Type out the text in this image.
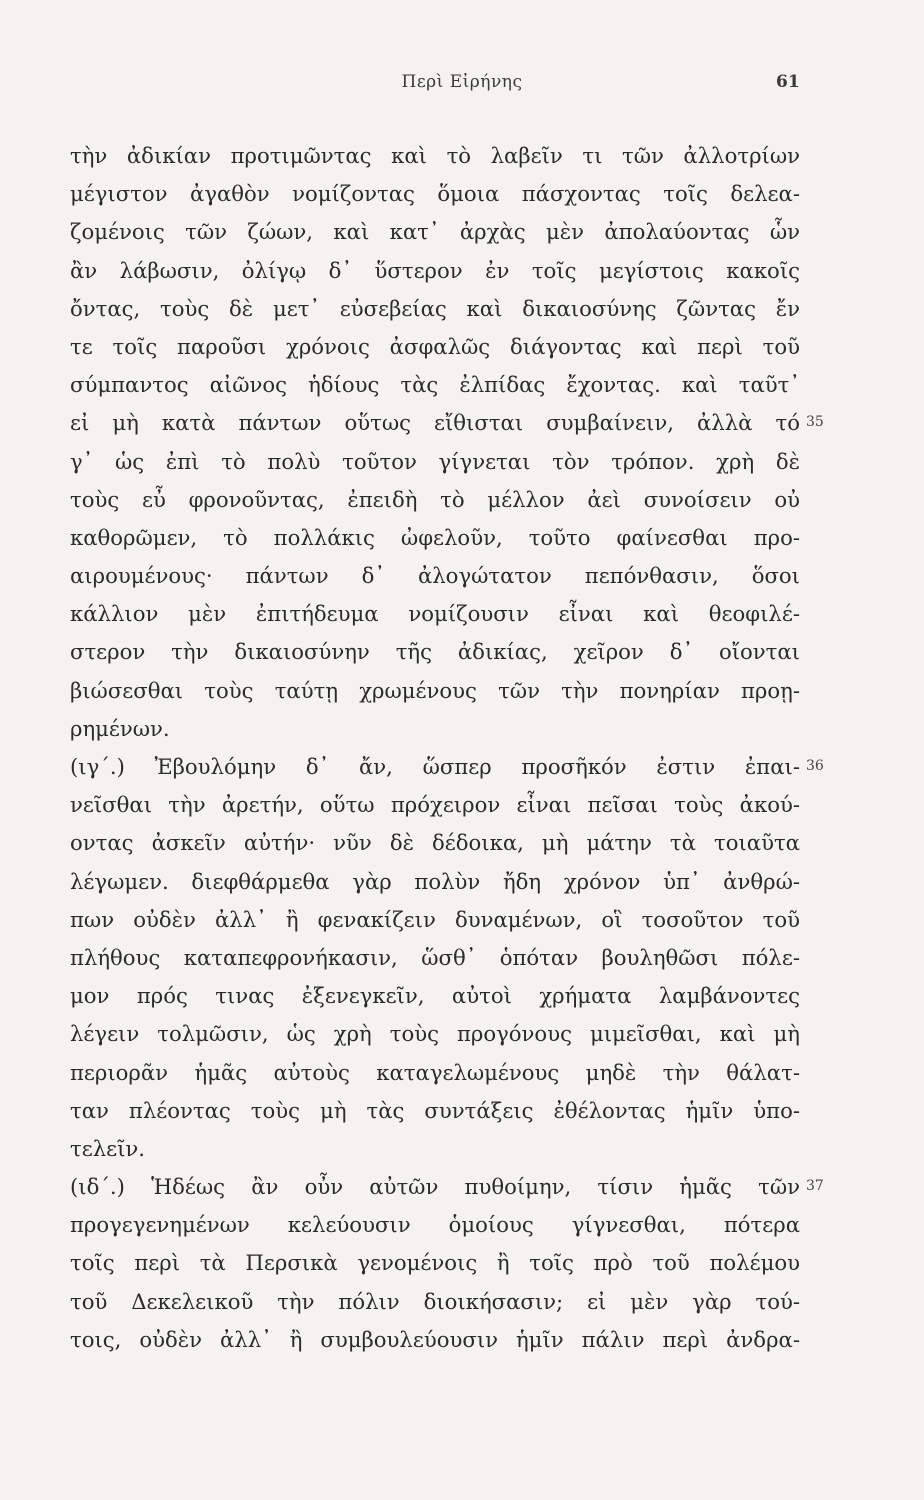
Περὶ Εἰρήνης	61
τὴν ἀδικίαν προτιμῶντας καὶ τὸ λαβεῖν τι τῶν ἀλλοτρίων
μέγιστον ἀγαθὸν νομίζοντας ὅμοια πάσχοντας τοῖς δελεα-
ζομένοις τῶν ζώων, καὶ κατ᾽ ἀρχὰς μὲν ἀπολαύοντας ὧν
ἂν λάβωσιν, ὀλίγῳ δ᾽ ὕστερον ἐν τοῖς μεγίστοις κακοῖς
ὄντας, τοὺς δὲ μετ᾽ εὐσεβείας καὶ δικαιοσύνης ζῶντας ἔν
τε τοῖς παροῦσι χρόνοις ἀσφαλῶς διάγοντας καὶ περὶ τοῦ
σύμπαντος αἰῶνος ἡδίους τὰς ἐλπίδας ἔχοντας. καὶ ταῦτ᾽
εἰ μὴ κατὰ πάντων οὕτως εἴθισται συμβαίνειν, ἀλλὰ τό
γ᾽ ὡς ἐπὶ τὸ πολὺ τοῦτον γίγνεται τὸν τρόπον. χρὴ δὲ
τοὺς εὖ φρονοῦντας, ἐπειδὴ τὸ μέλλον ἀεὶ συνοίσειν οὐ
καθορῶμεν, τὸ πολλάκις ὠφελοῦν, τοῦτο φαίνεσθαι προ-
αιρουμένους· πάντων δ᾽ ἀλογώτατον πεπόνθασιν, ὅσοι
κάλλιον μὲν ἐπιτήδευμα νομίζουσιν εἶναι καὶ θεοφιλέ-
στερον τὴν δικαιοσύνην τῆς ἀδικίας, χεῖρον δ᾽ οἴονται
βιώσεσθαι τοὺς ταύτῃ χρωμένους τῶν τὴν πονηρίαν προῃ-
ρημένων.
(ιγ΄.) Ἐβουλόμην δ᾽ ἄν, ὥσπερ προσῆκόν ἐστιν ἐπαι-
νεῖσθαι τὴν ἀρετήν, οὕτω πρόχειρον εἶναι πεῖσαι τοὺς ἀκού-
οντας ἀσκεῖν αὐτήν· νῦν δὲ δέδοικα, μὴ μάτην τὰ τοιαῦτα
λέγωμεν. διεφθάρμεθα γὰρ πολὺν ἤδη χρόνον ὑπ᾽ ἀνθρώ-
πων οὐδὲν ἀλλ᾽ ἢ φενακίζειν δυναμένων, οἳ τοσοῦτον τοῦ
πλήθους καταπεφρονήκασιν, ὥσθ᾽ ὁπόταν βουληθῶσι πόλε-
μον πρός τινας ἐξενεγκεῖν, αὐτοὶ χρήματα λαμβάνοντες
λέγειν τολμῶσιν, ὡς χρὴ τοὺς προγόνους μιμεῖσθαι, καὶ μὴ
περιορᾶν ἡμᾶς αὐτοὺς καταγελωμένους μηδὲ τὴν θάλατ-
ταν πλέοντας τοὺς μὴ τὰς συντάξεις ἐθέλοντας ἡμῖν ὑπο-
τελεῖν.
(ιδ΄.) Ἡδέως ἂν οὖν αὐτῶν πυθοίμην, τίσιν ἡμᾶς τῶν
προγεγενημένων κελεύουσιν ὁμοίους γίγνεσθαι, πότερα
τοῖς περὶ τὰ Περσικὰ γενομένοις ἢ τοῖς πρὸ τοῦ πολέμου
τοῦ Δεκελεικοῦ τὴν πόλιν διοικήσασιν; εἰ μὲν γὰρ τού-
τοις, οὐδὲν ἀλλ᾽ ἢ συμβουλεύουσιν ἡμῖν πάλιν περὶ ἀνδρα-
35
36
37
